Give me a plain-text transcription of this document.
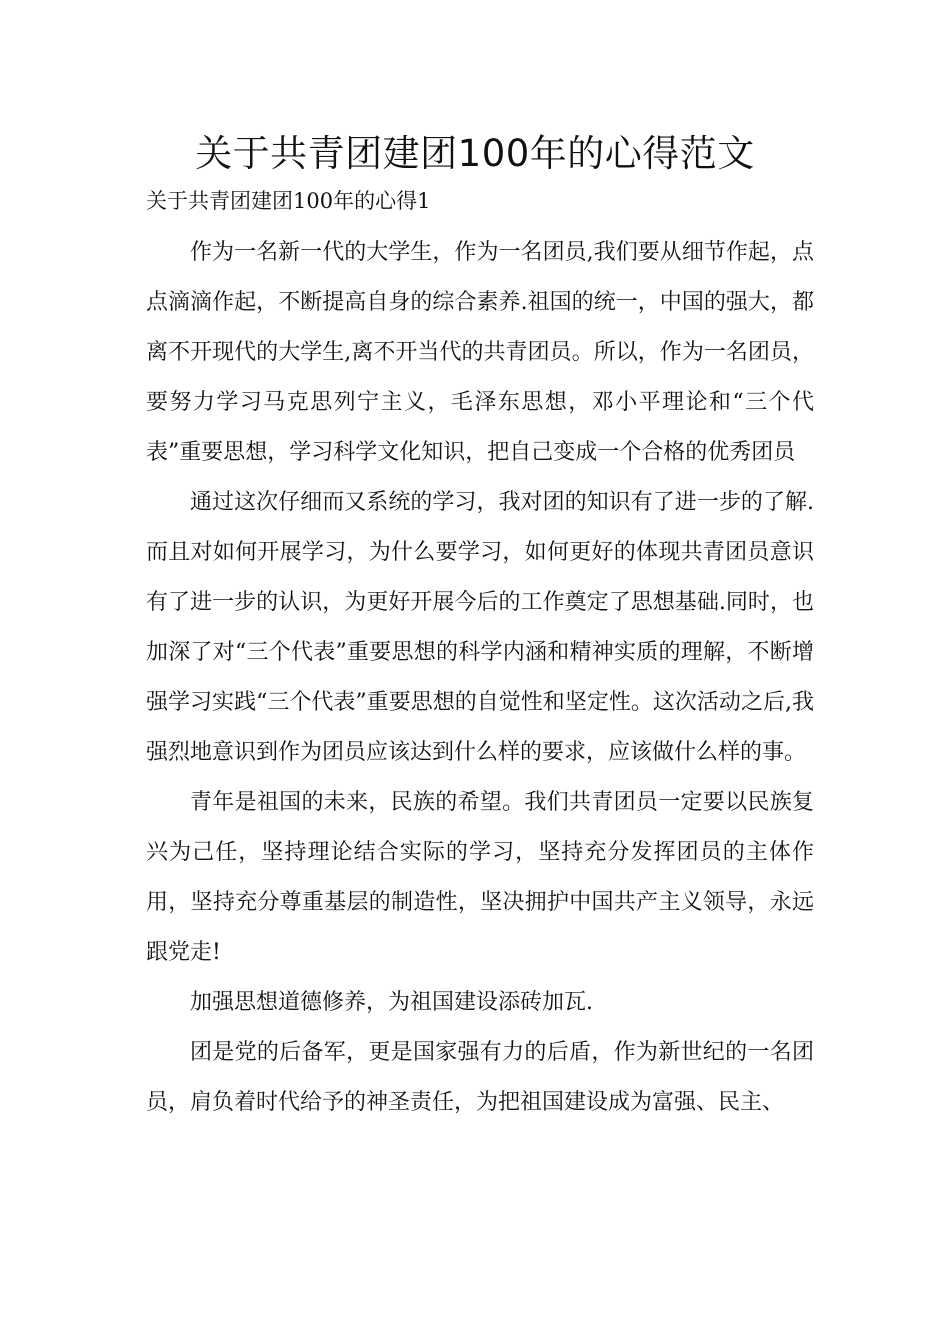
关于共青团建团100年的心得范文

关于共青团建团100年的心得1

作为一名新一代的大学生，作为一名团员,我们要从细节作起，点点滴滴作起，不断提高自身的综合素养.祖国的统一，中国的强大，都离不开现代的大学生,离不开当代的共青团员。所以，作为一名团员，要努力学习马克思列宁主义，毛泽东思想，邓小平理论和“三个代表”重要思想，学习科学文化知识，把自己变成一个合格的优秀团员

通过这次仔细而又系统的学习，我对团的知识有了进一步的了解.而且对如何开展学习，为什么要学习，如何更好的体现共青团员意识有了进一步的认识，为更好开展今后的工作奠定了思想基础.同时，也加深了对“三个代表”重要思想的科学内涵和精神实质的理解，不断增强学习实践“三个代表”重要思想的自觉性和坚定性。这次活动之后,我强烈地意识到作为团员应该达到什么样的要求，应该做什么样的事。

青年是祖国的未来，民族的希望。我们共青团员一定要以民族复兴为己任，坚持理论结合实际的学习，坚持充分发挥团员的主体作用，坚持充分尊重基层的制造性，坚决拥护中国共产主义领导，永远跟党走!

加强思想道德修养，为祖国建设添砖加瓦.

团是党的后备军，更是国家强有力的后盾，作为新世纪的一名团员，肩负着时代给予的神圣责任，为把祖国建设成为富强、民主、
